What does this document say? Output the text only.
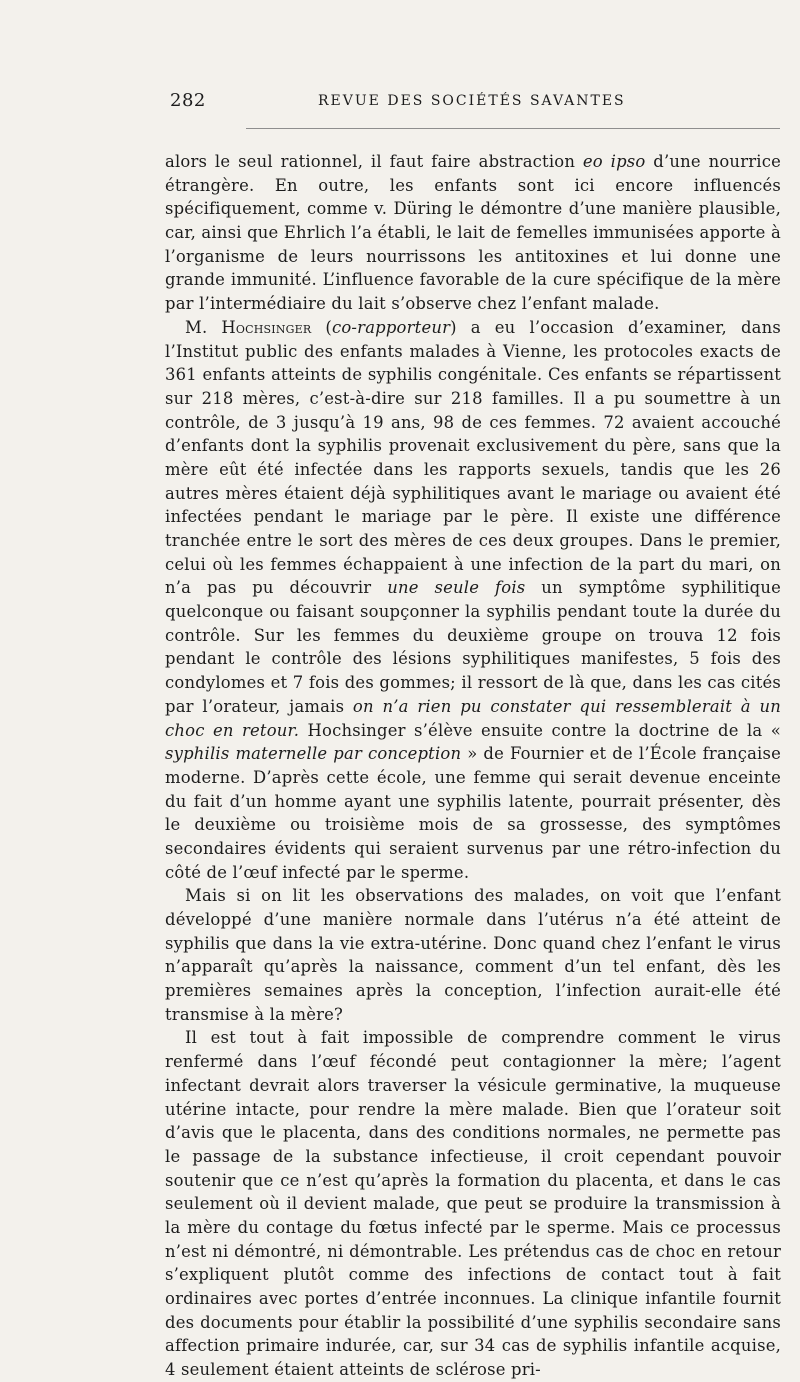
282	REVUE DES SOCIÉTÉS SAVANTES

alors le seul rationnel, il faut faire abstraction eo ipso d’une nourrice étrangère. En outre, les enfants sont ici encore influencés spécifiquement, comme v. Düring le démontre d’une manière plausible, car, ainsi que Ehrlich l’a établi, le lait de femelles immunisées apporte à l’organisme de leurs nourrissons les antitoxines et lui donne une grande immunité. L’influence favorable de la cure spécifique de la mère par l’intermédiaire du lait s’observe chez l’enfant malade.

M. Hochsinger (co-rapporteur) a eu l’occasion d’examiner, dans l’Institut public des enfants malades à Vienne, les protocoles exacts de 361 enfants atteints de syphilis congénitale. Ces enfants se répartissent sur 218 mères, c’est-à-dire sur 218 familles. Il a pu soumettre à un contrôle, de 3 jusqu’à 19 ans, 98 de ces femmes. 72 avaient accouché d’enfants dont la syphilis provenait exclusivement du père, sans que la mère eût été infectée dans les rapports sexuels, tandis que les 26 autres mères étaient déjà syphilitiques avant le mariage ou avaient été infectées pendant le mariage par le père. Il existe une différence tranchée entre le sort des mères de ces deux groupes. Dans le premier, celui où les femmes échappaient à une infection de la part du mari, on n’a pas pu découvrir une seule fois un symptôme syphilitique quelconque ou faisant soupçonner la syphilis pendant toute la durée du contrôle. Sur les femmes du deuxième groupe on trouva 12 fois pendant le contrôle des lésions syphilitiques manifestes, 5 fois des condylomes et 7 fois des gommes; il ressort de là que, dans les cas cités par l’orateur, jamais on n’a rien pu constater qui ressemblerait à un choc en retour. Hochsinger s’élève ensuite contre la doctrine de la « syphilis maternelle par conception » de Fournier et de l’École française moderne. D’après cette école, une femme qui serait devenue enceinte du fait d’un homme ayant une syphilis latente, pourrait présenter, dès le deuxième ou troisième mois de sa grossesse, des symptômes secondaires évidents qui seraient survenus par une rétro-infection du côté de l’œuf infecté par le sperme.

Mais si on lit les observations des malades, on voit que l’enfant développé d’une manière normale dans l’utérus n’a été atteint de syphilis que dans la vie extra-utérine. Donc quand chez l’enfant le virus n’apparaît qu’après la naissance, comment d’un tel enfant, dès les premières semaines après la conception, l’infection aurait-elle été transmise à la mère?

Il est tout à fait impossible de comprendre comment le virus renfermé dans l’œuf fécondé peut contagionner la mère; l’agent infectant devrait alors traverser la vésicule germinative, la muqueuse utérine intacte, pour rendre la mère malade. Bien que l’orateur soit d’avis que le placenta, dans des conditions normales, ne permette pas le passage de la substance infectieuse, il croit cependant pouvoir soutenir que ce n’est qu’après la formation du placenta, et dans le cas seulement où il devient malade, que peut se produire la transmission à la mère du contage du fœtus infecté par le sperme. Mais ce processus n’est ni démontré, ni démontrable. Les prétendus cas de choc en retour s’expliquent plutôt comme des infections de contact tout à fait ordinaires avec portes d’entrée inconnues. La clinique infantile fournit des documents pour établir la possibilité d’une syphilis secondaire sans affection primaire indurée, car, sur 34 cas de syphilis infantile acquise, 4 seulement étaient atteints de sclérose pri-
